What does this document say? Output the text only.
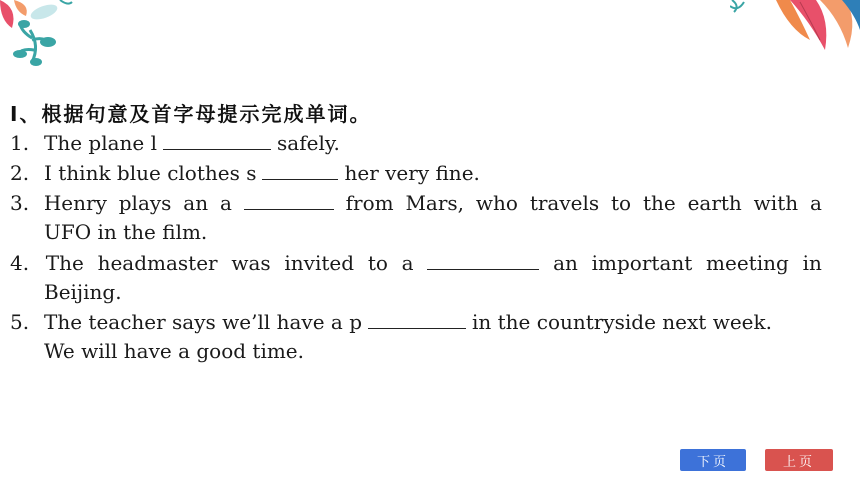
Ⅰ、根据句意及首字母提示完成单词。
1. The plane l	safely.
2. I think blue clothes s	her very fine.
3. Henry plays an a	from Mars, who travels to the earth with a
UFO in the film.
4. The headmaster was invited to a	an important meeting in
Beijing.
5. The teacher says we’ll have a p	in the countryside next week.
We will have a good time.
下页	上页
